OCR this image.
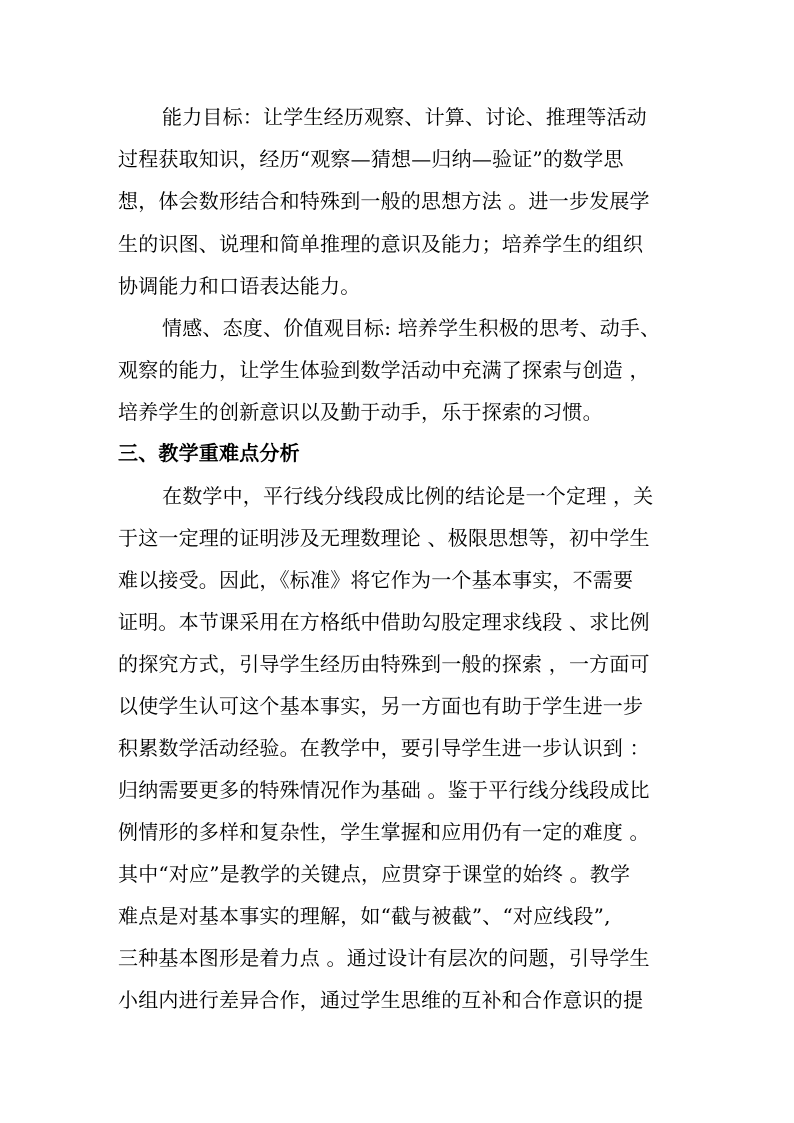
能力目标：让学生经历观察、计算、讨论、推理等活动
过程获取知识，经历“观察—猜想—归纳—验证”的数学思
想，体会数形结合和特殊到一般的思想方法 。进一步发展学
生的识图、说理和简单推理的意识及能力；培养学生的组织
协调能力和口语表达能力。
情感、态度、价值观目标: 培养学生积极的思考、动手、
观察的能力，让学生体验到数学活动中充满了探索与创造 ，
培养学生的创新意识以及勤于动手，乐于探索的习惯。
三、教学重难点分析
在数学中，平行线分线段成比例的结论是一个定理 ，关
于这一定理的证明涉及无理数理论 、极限思想等，初中学生
难以接受。因此，《标准》将它作为一个基本事实，不需要
证明。本节课采用在方格纸中借助勾股定理求线段 、求比例
的探究方式，引导学生经历由特殊到一般的探索 ，一方面可
以使学生认可这个基本事实，另一方面也有助于学生进一步
积累数学活动经验。在教学中，要引导学生进一步认识到 ：
归纳需要更多的特殊情况作为基础 。鉴于平行线分线段成比
例情形的多样和复杂性，学生掌握和应用仍有一定的难度 。
其中“对应”是教学的关键点，应贯穿于课堂的始终 。教学
难点是对基本事实的理解，如“截与被截”、“对应线段”,
三种基本图形是着力点 。通过设计有层次的问题，引导学生
小组内进行差异合作，通过学生思维的互补和合作意识的提
